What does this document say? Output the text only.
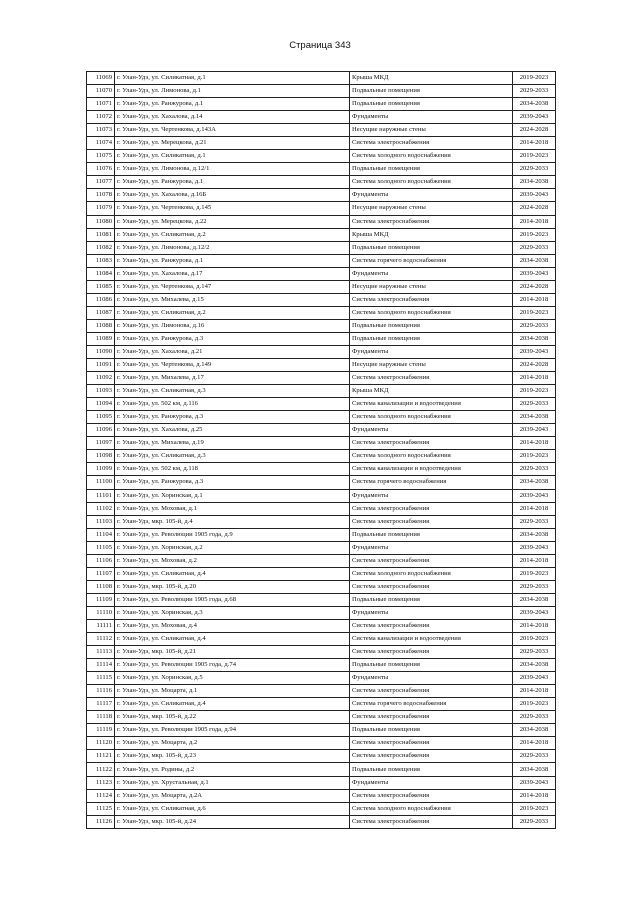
Страница 343
11069	г. Улан-Удэ, ул. Силикатная, д.1	Крыша МКД	2019-2023
11070	г. Улан-Удэ, ул. Лимонова, д.1	Подвальные помещения	2029-2033
11071	г. Улан-Удэ, ул. Ранжурова, д.1	Подвальные помещения	2034-2038
11072	г. Улан-Удэ, ул. Хахалова, д.14	Фундаменты	2039-2043
11073	г. Улан-Удэ, ул. Чертенкова, д.143А	Несущие наружные стены	2024-2028
11074	г. Улан-Удэ, ул. Мерецкова, д.21	Система электроснабжения	2014-2018
11075	г. Улан-Удэ, ул. Силикатная, д.1	Система холодного водоснабжения	2019-2023
11076	г. Улан-Удэ, ул. Лимонова, д.12/1	Подвальные помещения	2029-2033
11077	г. Улан-Удэ, ул. Ранжурова, д.1	Система холодного водоснабжения	2034-2038
11078	г. Улан-Удэ, ул. Хахалова, д.16Б	Фундаменты	2039-2043
11079	г. Улан-Удэ, ул. Чертенкова, д.145	Несущие наружные стены	2024-2028
11080	г. Улан-Удэ, ул. Мерецкова, д.22	Система электроснабжения	2014-2018
11081	г. Улан-Удэ, ул. Силикатная, д.2	Крыша МКД	2019-2023
11082	г. Улан-Удэ, ул. Лимонова, д.12/2	Подвальные помещения	2029-2033
11083	г. Улан-Удэ, ул. Ранжурова, д.1	Система горячего водоснабжения	2034-2038
11084	г. Улан-Удэ, ул. Хахалова, д.17	Фундаменты	2039-2043
11085	г. Улан-Удэ, ул. Чертенкова, д.147	Несущие наружные стены	2024-2028
11086	г. Улан-Удэ, ул. Михалева, д.15	Система электроснабжения	2014-2018
11087	г. Улан-Удэ, ул. Силикатная, д.2	Система холодного водоснабжения	2019-2023
11088	г. Улан-Удэ, ул. Лимонова, д.16	Подвальные помещения	2029-2033
11089	г. Улан-Удэ, ул. Ранжурова, д.3	Подвальные помещения	2034-2038
11090	г. Улан-Удэ, ул. Хахалова, д.21	Фундаменты	2039-2043
11091	г. Улан-Удэ, ул. Чертенкова, д.149	Несущие наружные стены	2024-2028
11092	г. Улан-Удэ, ул. Михалева, д.17	Система электроснабжения	2014-2018
11093	г. Улан-Удэ, ул. Силикатная, д.3	Крыша МКД	2019-2023
11094	г. Улан-Удэ, ул. 502 км, д.116	Система канализации и водоотведения	2029-2033
11095	г. Улан-Удэ, ул. Ранжурова, д.3	Система холодного водоснабжения	2034-2038
11096	г. Улан-Удэ, ул. Хахалова, д.25	Фундаменты	2039-2043
11097	г. Улан-Удэ, ул. Михалева, д.19	Система электроснабжения	2014-2018
11098	г. Улан-Удэ, ул. Силикатная, д.3	Система холодного водоснабжения	2019-2023
11099	г. Улан-Удэ, ул. 502 км, д.118	Система канализации и водоотведения	2029-2033
11100	г. Улан-Удэ, ул. Ранжурова, д.3	Система горячего водоснабжения	2034-2038
11101	г. Улан-Удэ, ул. Хоринская, д.1	Фундаменты	2039-2043
11102	г. Улан-Удэ, ул. Моховая, д.1	Система электроснабжения	2014-2018
11103	г. Улан-Удэ, мкр. 105-й, д.4	Система электроснабжения	2029-2033
11104	г. Улан-Удэ, ул. Революции 1905 года, д.9	Подвальные помещения	2034-2038
11105	г. Улан-Удэ, ул. Хоринская, д.2	Фундаменты	2039-2043
11106	г. Улан-Удэ, ул. Моховая, д.2	Система электроснабжения	2014-2018
11107	г. Улан-Удэ, ул. Силикатная, д.4	Система холодного водоснабжения	2019-2023
11108	г. Улан-Удэ, мкр. 105-й, д.20	Система электроснабжения	2029-2033
11109	г. Улан-Удэ, ул. Революции 1905 года, д.68	Подвальные помещения	2034-2038
11110	г. Улан-Удэ, ул. Хоринская, д.3	Фундаменты	2039-2043
11111	г. Улан-Удэ, ул. Моховая, д.4	Система электроснабжения	2014-2018
11112	г. Улан-Удэ, ул. Силикатная, д.4	Система канализации и водоотведения	2019-2023
11113	г. Улан-Удэ, мкр. 105-й, д.21	Система электроснабжения	2029-2033
11114	г. Улан-Удэ, ул. Революции 1905 года, д.74	Подвальные помещения	2034-2038
11115	г. Улан-Удэ, ул. Хоринская, д.5	Фундаменты	2039-2043
11116	г. Улан-Удэ, ул. Моцарта, д.1	Система электроснабжения	2014-2018
11117	г. Улан-Удэ, ул. Силикатная, д.4	Система горячего водоснабжения	2019-2023
11118	г. Улан-Удэ, мкр. 105-й, д.22	Система электроснабжения	2029-2033
11119	г. Улан-Удэ, ул. Революции 1905 года, д.94	Подвальные помещения	2034-2038
11120	г. Улан-Удэ, ул. Моцарта, д.2	Система электроснабжения	2014-2018
11121	г. Улан-Удэ, мкр. 105-й, д.23	Система электроснабжения	2029-2033
11122	г. Улан-Удэ, ул. Родины, д.2	Подвальные помещения	2034-2038
11123	г. Улан-Удэ, ул. Хрустальная, д.1	Фундаменты	2039-2043
11124	г. Улан-Удэ, ул. Моцарта, д.2А	Система электроснабжения	2014-2018
11125	г. Улан-Удэ, ул. Силикатная, д.6	Система холодного водоснабжения	2019-2023
11126	г. Улан-Удэ, мкр. 105-й, д.24	Система электроснабжения	2029-2033
